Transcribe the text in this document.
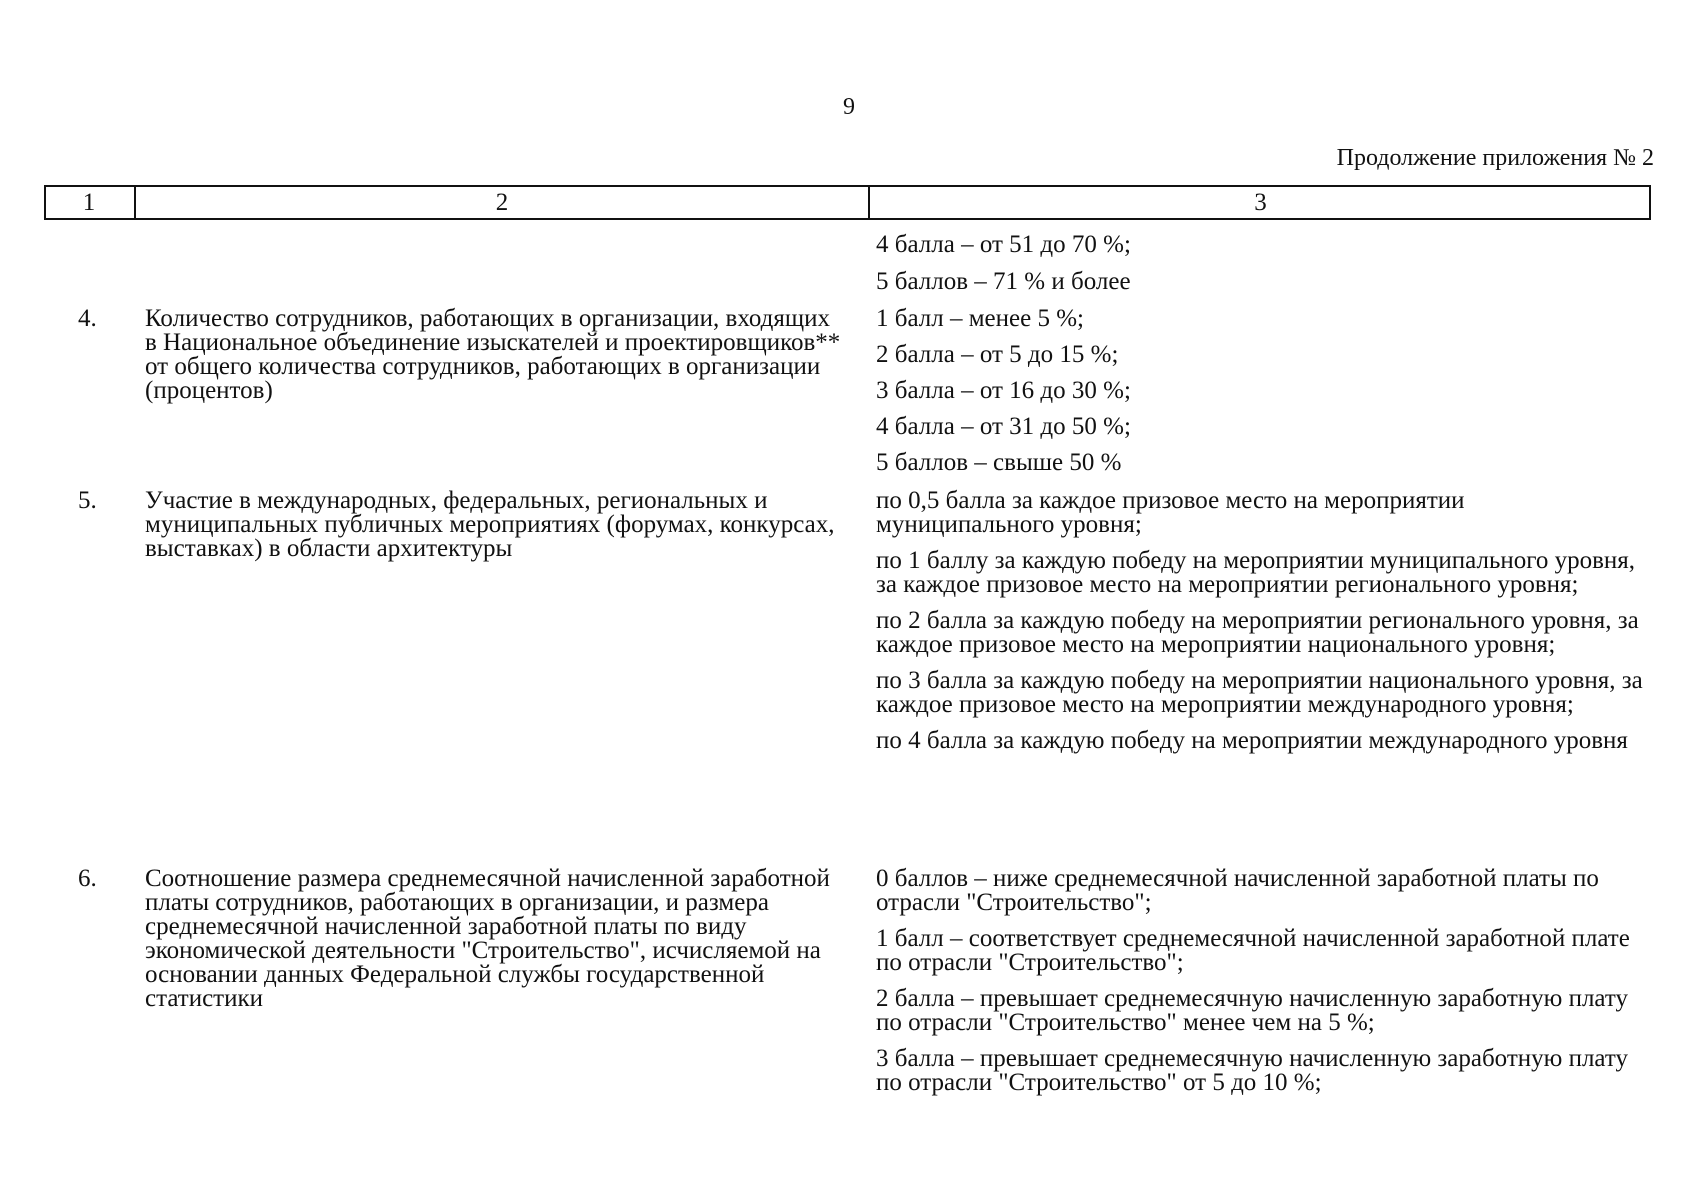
9
Продолжение приложения № 2
1	2	3

4 балла – от 51 до 70 %;

5 баллов – 71 % и более

4. Количество сотрудников, работающих в организации, входящих в Национальное объединение изыскателей и проектировщиков** от общего количества сотрудников, работающих в организации (процентов)

1 балл – менее 5 %;

2 балла – от 5 до 15 %;

3 балла – от 16 до 30 %;

4 балла – от 31 до 50 %;

5 баллов – свыше 50 %

5. Участие в международных, федеральных, региональных и муниципальных публичных мероприятиях (форумах, конкурсах, выставках) в области архитектуры

по 0,5 балла за каждое призовое место на мероприятии муниципального уровня;

по 1 баллу за каждую победу на мероприятии муниципального уровня, за каждое призовое место на мероприятии регионального уровня;

по 2 балла за каждую победу на мероприятии регионального уровня, за каждое призовое место на мероприятии национального уровня;

по 3 балла за каждую победу на мероприятии национального уровня, за каждое призовое место на мероприятии международного уровня;

по 4 балла за каждую победу на мероприятии международного уровня

6. Соотношение размера среднемесячной начисленной заработной платы сотрудников, работающих в организации, и размера среднемесячной начисленной заработной платы по виду экономической деятельности "Строительство", исчисляемой на основании данных Федеральной службы государственной статистики

0 баллов – ниже среднемесячной начисленной заработной платы по отрасли "Строительство";

1 балл – соответствует среднемесячной начисленной заработной плате по отрасли "Строительство";

2 балла – превышает среднемесячную начисленную заработную плату по отрасли "Строительство" менее чем на 5 %;

3 балла – превышает среднемесячную начисленную заработную плату по отрасли "Строительство" от 5 до 10 %;
